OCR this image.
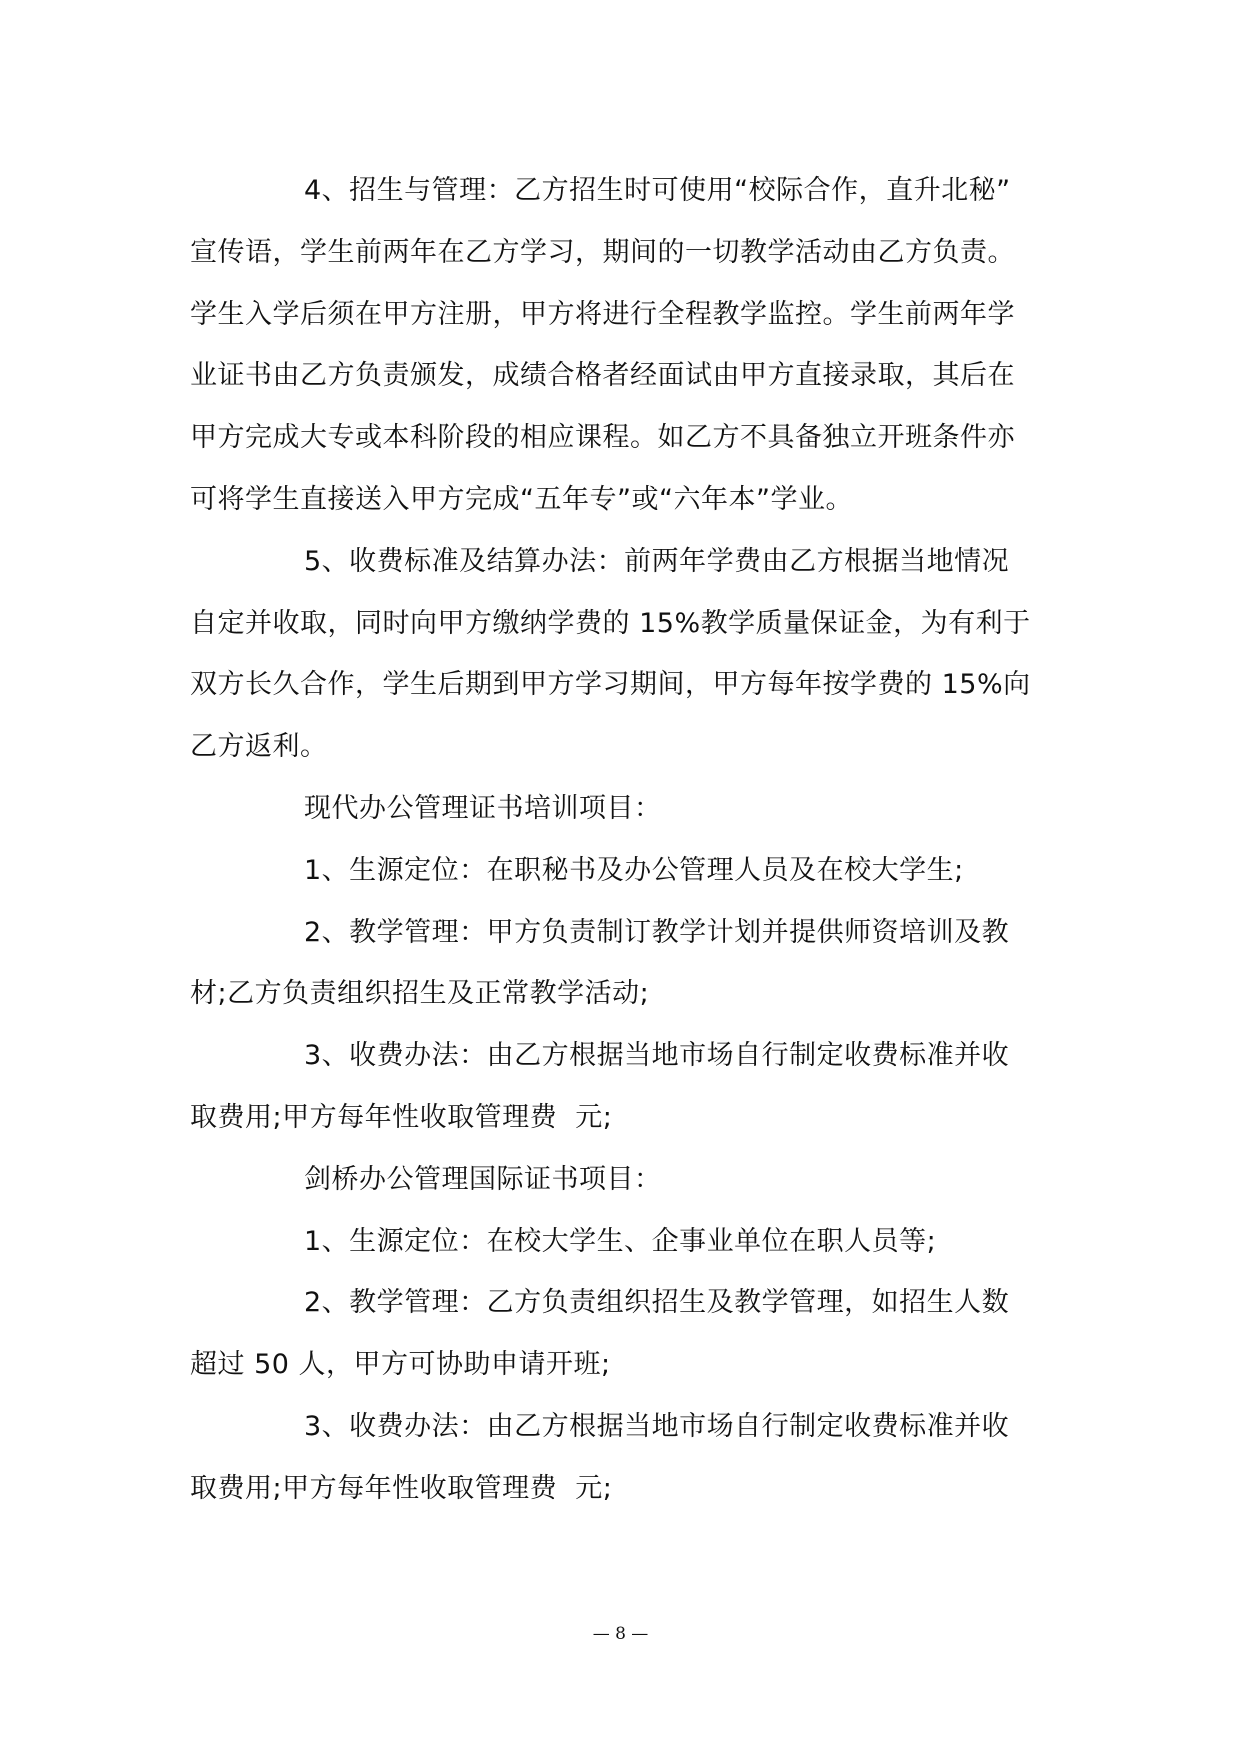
4、招生与管理：乙方招生时可使用“校际合作，直升北秘”
宣传语，学生前两年在乙方学习，期间的一切教学活动由乙方负责。
学生入学后须在甲方注册，甲方将进行全程教学监控。学生前两年学
业证书由乙方负责颁发，成绩合格者经面试由甲方直接录取，其后在
甲方完成大专或本科阶段的相应课程。如乙方不具备独立开班条件亦
可将学生直接送入甲方完成“五年专”或“六年本”学业。
5、收费标准及结算办法：前两年学费由乙方根据当地情况
自定并收取，同时向甲方缴纳学费的 15%教学质量保证金，为有利于
双方长久合作，学生后期到甲方学习期间，甲方每年按学费的 15%向
乙方返利。
现代办公管理证书培训项目：
1、生源定位：在职秘书及办公管理人员及在校大学生;
2、教学管理：甲方负责制订教学计划并提供师资培训及教
材;乙方负责组织招生及正常教学活动;
3、收费办法：由乙方根据当地市场自行制定收费标准并收
取费用;甲方每年性收取管理费  元;
剑桥办公管理国际证书项目：
1、生源定位：在校大学生、企事业单位在职人员等;
2、教学管理：乙方负责组织招生及教学管理，如招生人数
超过 50 人，甲方可协助申请开班;
3、收费办法：由乙方根据当地市场自行制定收费标准并收
取费用;甲方每年性收取管理费  元;
— 8 —
